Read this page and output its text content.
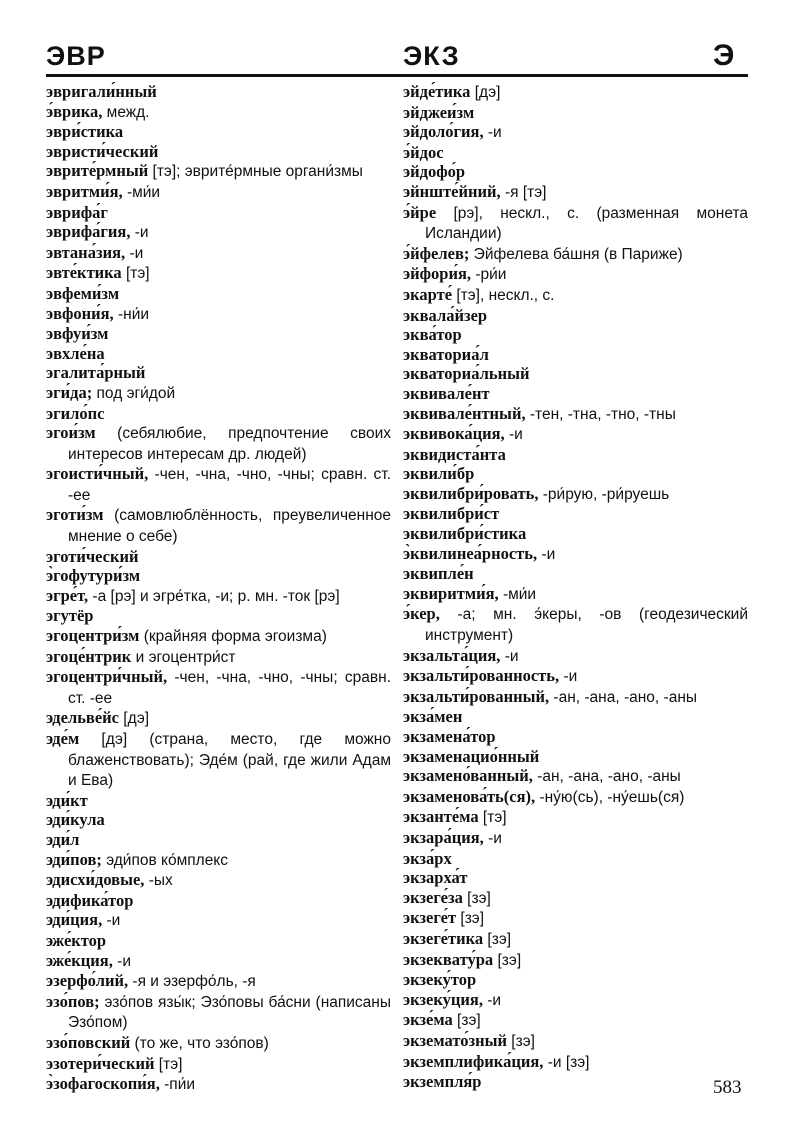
ЭВР	ЭКЗ	Э
эвригали́нный
э́врика, межд.
эври́стика
эвристи́ческий
эврите́рмный [тэ]; эврите́рмные органи́змы
эвритми́я, -ми́и
эврифа́г
эврифа́гия, -и
эвтана́зия, -и
эвте́ктика [тэ]
эвфеми́зм
эвфони́я, -ни́и
эвфуи́зм
эвхле́на
эгалита́рный
эги́да; под эги́дой
эгило́пс
эгои́зм (себялюбие, предпочтение своих интересов интересам др. людей)
эгоисти́чный, -чен, -чна, -чно, -чны; сравн. ст. -ее
эготи́зм (самовлюблённость, преувеличенное мнение о себе)
эготи́ческий
э̀гофутури́зм
эгре́т, -а [рэ] и эгре́тка, -и; р. мн. -ток [рэ]
эгутёр
эгоцентри́зм (крайняя форма эгоизма)
эгоце́нтрик и эгоцентри́ст
эгоцентри́чный, -чен, -чна, -чно, -чны; сравн. ст. -ее
эдельве́йс [дэ]
эде́м [дэ] (страна, место, где можно блаженствовать); Эде́м (рай, где жили Адам и Ева)
эди́кт
эди́кула
эди́л
эди́пов; эди́пов ко́мплекс
эдисхи́довые, -ых
эдифика́тор
эди́ция, -и
эже́ктор
эже́кция, -и
эзерфо́лий, -я и эзерфо́ль, -я
эзо́пов; эзо́пов язы́к; Эзо́повы ба́сни (написаны Эзо́пом)
эзо́повский (то же, что эзо́пов)
эзотери́ческий [тэ]
э̀зофагоскопи́я, -пи́и
эйде́тика [дэ]
эйджеи́зм
эйдоло́гия, -и
э́йдос
эйдофо́р
эйнште́йний, -я [тэ]
э́йре [рэ], нескл., с. (разменная монета Исландии)
э́йфелев; Эйфелева ба́шня (в Париже)
эйфори́я, -ри́и
экарте́ [тэ], нескл., с.
эквала́йзер
эква́тор
экваториа́л
экваториа́льный
эквивале́нт
эквивале́нтный, -тен, -тна, -тно, -тны
эквивока́ция, -и
эквидиста́нта
эквили́бр
эквилибри́ровать, -ри́рую, -ри́руешь
эквилибри́ст
эквилибри́стика
э̀квилинеа́рность, -и
эквипле́н
эквиритми́я, -ми́и
э́кер, -а; мн. э́керы, -ов (геодезический инструмент)
экзальта́ция, -и
экзальти́рованность, -и
экзальти́рованный, -ан, -ана, -ано, -аны
экза́мен
экзамена́тор
экзаменацио́нный
экзамено́ванный, -ан, -ана, -ано, -аны
экзаменова́ть(ся), -ну́ю(сь), -ну́ешь(ся)
экзанте́ма [тэ]
экзара́ция, -и
экза́рх
экзарха́т
экзеге́за [зэ]
экзеге́т [зэ]
экзеге́тика [зэ]
экзеквату́ра [зэ]
экзеку́тор
экзеку́ция, -и
экзе́ма [зэ]
экземато́зный [зэ]
экземплифика́ция, -и [зэ]
экземпля́р	583
